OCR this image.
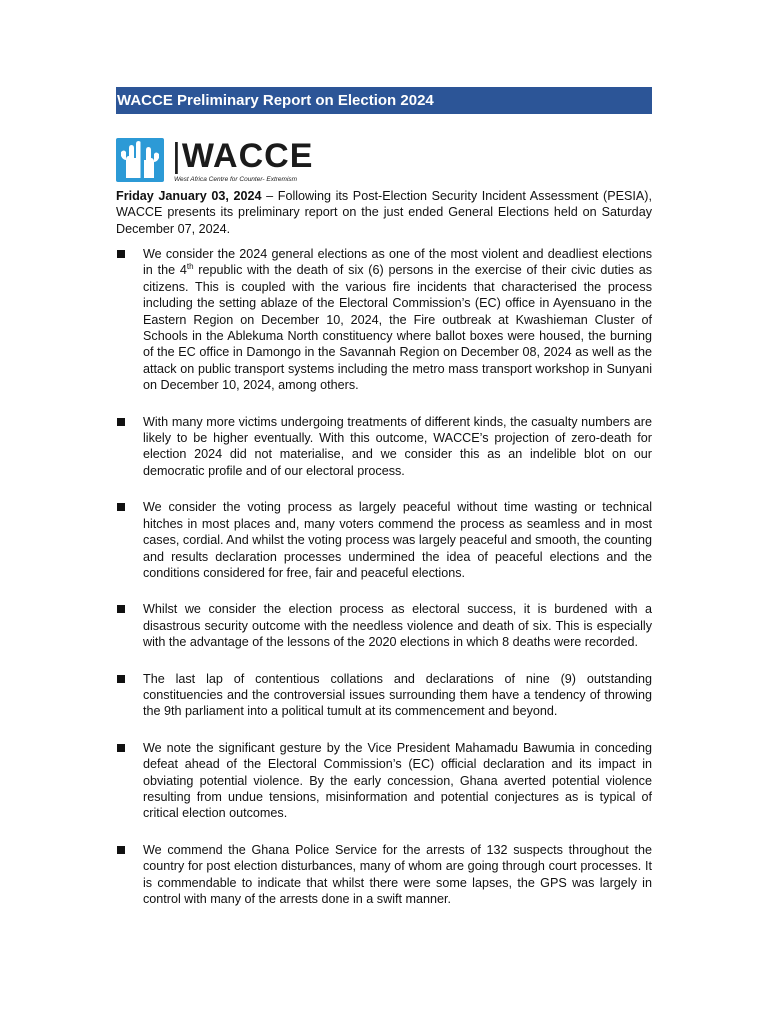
WACCE Preliminary Report on Election 2024
|WACCE
West Africa Centre for Counter- Extremism

Friday January 03, 2024 – Following its Post-Election Security Incident Assessment (PESIA), WACCE presents its preliminary report on the just ended General Elections held on Saturday December 07, 2024.

We consider the 2024 general elections as one of the most violent and deadliest elections in the 4th republic with the death of six (6) persons in the exercise of their civic duties as citizens. This is coupled with the various fire incidents that characterised the process including the setting ablaze of the Electoral Commission’s (EC) office in Ayensuano in the Eastern Region on December 10, 2024, the Fire outbreak at Kwashieman Cluster of Schools in the Ablekuma North constituency where ballot boxes were housed, the burning of the EC office in Damongo in the Savannah Region on December 08, 2024 as well as the attack on public transport systems including the metro mass transport workshop in Sunyani on December 10, 2024, among others.
With many more victims undergoing treatments of different kinds, the casualty numbers are likely to be higher eventually. With this outcome, WACCE’s projection of zero-death for election 2024 did not materialise, and we consider this as an indelible blot on our democratic profile and of our electoral process.
We consider the voting process as largely peaceful without time wasting or technical hitches in most places and, many voters commend the process as seamless and in most cases, cordial. And whilst the voting process was largely peaceful and smooth, the counting and results declaration processes undermined the idea of peaceful elections and the conditions considered for free, fair and peaceful elections.
Whilst we consider the election process as electoral success, it is burdened with a disastrous security outcome with the needless violence and death of six. This is especially with the advantage of the lessons of the 2020 elections in which 8 deaths were recorded.
The last lap of contentious collations and declarations of nine (9) outstanding constituencies and the controversial issues surrounding them have a tendency of throwing the 9th parliament into a political tumult at its commencement and beyond.
We note the significant gesture by the Vice President Mahamadu Bawumia in conceding defeat ahead of the Electoral Commission’s (EC) official declaration and its impact in obviating potential violence. By the early concession, Ghana averted potential violence resulting from undue tensions, misinformation and potential conjectures as is typical of critical election outcomes.
We commend the Ghana Police Service for the arrests of 132 suspects throughout the country for post election disturbances, many of whom are going through court processes. It is commendable to indicate that whilst there were some lapses, the GPS was largely in control with many of the arrests done in a swift manner.
